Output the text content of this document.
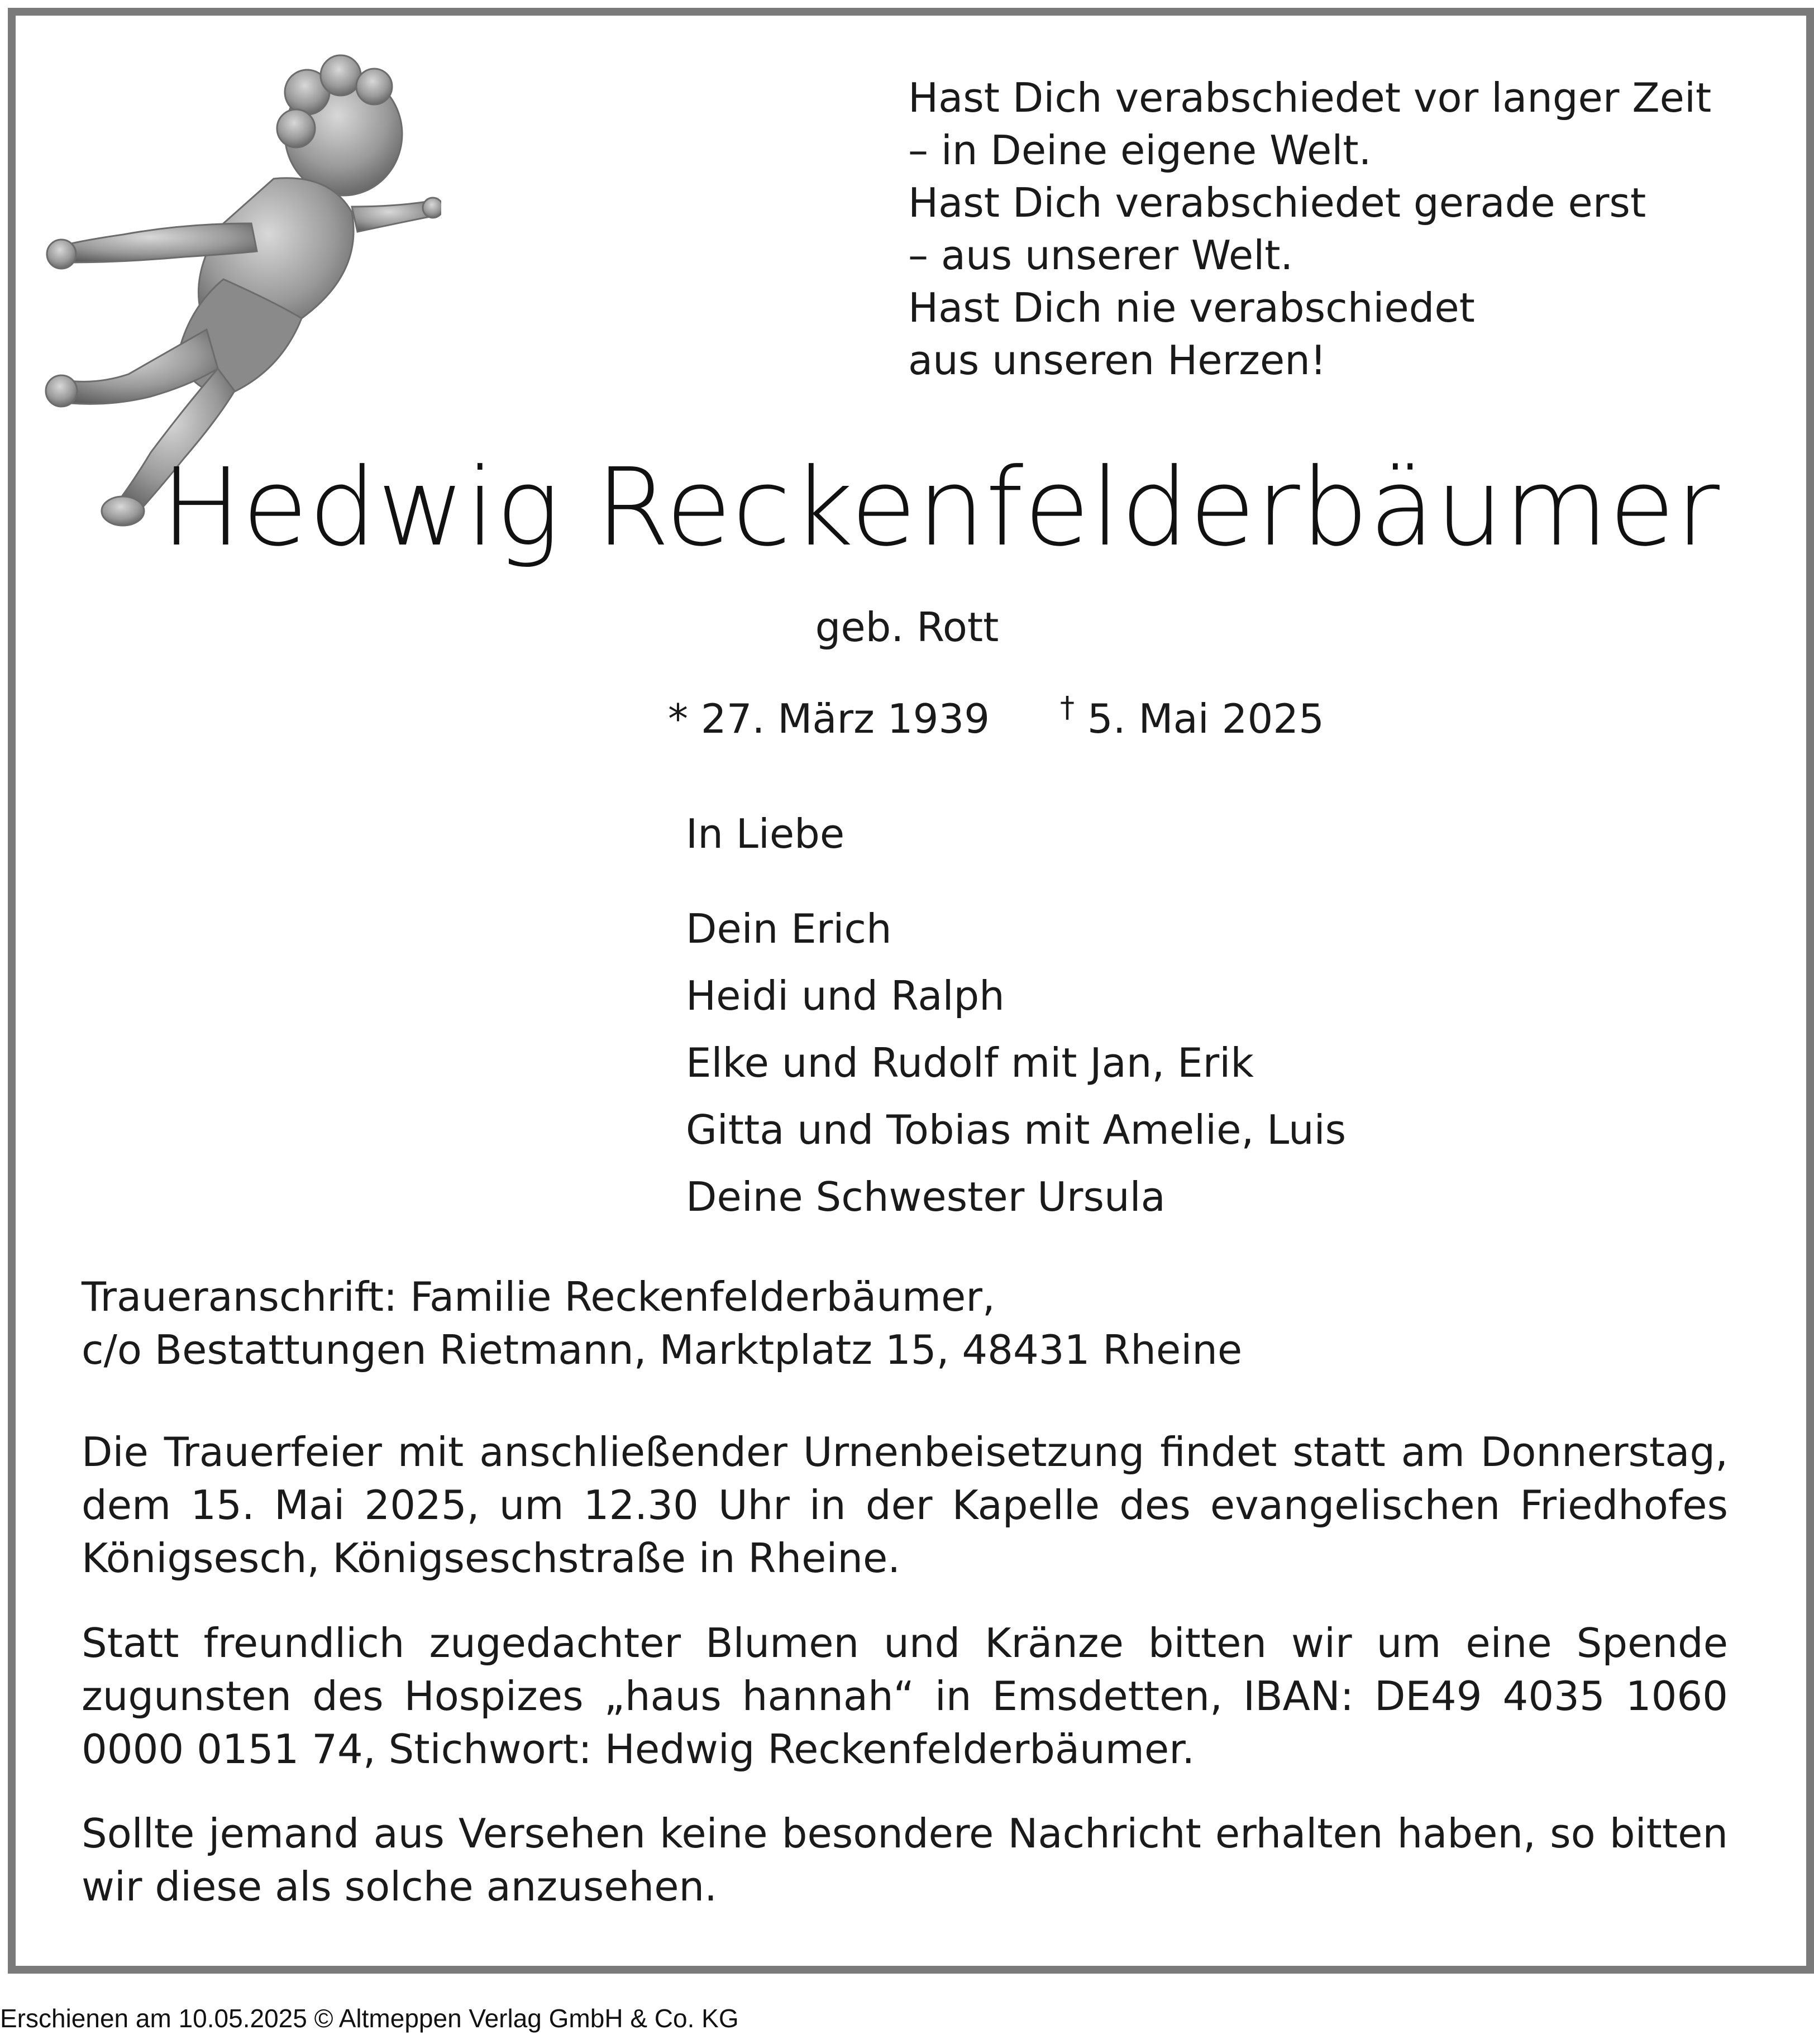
Hast Dich verabschiedet vor langer Zeit
– in Deine eigene Welt.
Hast Dich verabschiedet gerade erst
– aus unserer Welt.
Hast Dich nie verabschiedet
aus unseren Herzen!
Hedwig Reckenfelderbäumer
geb. Rott
* 27. März 1939 † 5. Mai 2025
In Liebe
Dein Erich
Heidi und Ralph
Elke und Rudolf mit Jan, Erik
Gitta und Tobias mit Amelie, Luis
Deine Schwester Ursula
Traueranschrift: Familie Reckenfelderbäumer,
c/o Bestattungen Rietmann, Marktplatz 15, 48431 Rheine
Die Trauerfeier mit anschließender Urnenbeisetzung findet statt am Donnerstag, dem 15. Mai 2025, um 12.30 Uhr in der Kapelle des evangelischen Friedhofes Königsesch, Königseschstraße in Rheine.
Statt freundlich zugedachter Blumen und Kränze bitten wir um eine Spende zugunsten des Hospizes „haus hannah“ in Emsdetten, IBAN: DE49 4035 1060 0000 0151 74, Stichwort: Hedwig Reckenfelderbäumer.
Sollte jemand aus Versehen keine besondere Nachricht erhalten haben, so bitten wir diese als solche anzusehen.
Erschienen am 10.05.2025 © Altmeppen Verlag GmbH & Co. KG
